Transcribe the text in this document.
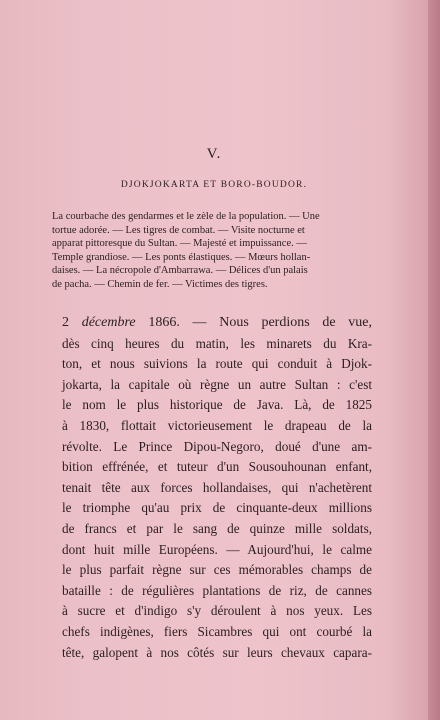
V.
DJOKJOKARTA ET BORO-BOUDOR.
La courbache des gendarmes et le zèle de la population. — Une
tortue adorée. — Les tigres de combat. — Visite nocturne et
apparat pittoresque du Sultan. — Majesté et impuissance. —
Temple grandiose. — Les ponts élastiques. — Mœurs hollan-
daises. — La nécropole d'Ambarrawa. — Délices d'un palais
de pacha. — Chemin de fer. — Victimes des tigres.
2 décembre 1866. — Nous perdions de vue,
dès cinq heures du matin, les minarets du Kra-
ton, et nous suivions la route qui conduit à Djok-
jokarta, la capitale où règne un autre Sultan : c'est
le nom le plus historique de Java. Là, de 1825
à 1830, flottait victorieusement le drapeau de la
révolte. Le Prince Dipou-Negoro, doué d'une am-
bition effrénée, et tuteur d'un Sousouhounan enfant,
tenait tête aux forces hollandaises, qui n'achetèrent
le triomphe qu'au prix de cinquante-deux millions
de francs et par le sang de quinze mille soldats,
dont huit mille Européens. — Aujourd'hui, le calme
le plus parfait règne sur ces mémorables champs de
bataille : de régulières plantations de riz, de cannes
à sucre et d'indigo s'y déroulent à nos yeux. Les
chefs indigènes, fiers Sicambres qui ont courbé la
tête, galopent à nos côtés sur leurs chevaux capara-
